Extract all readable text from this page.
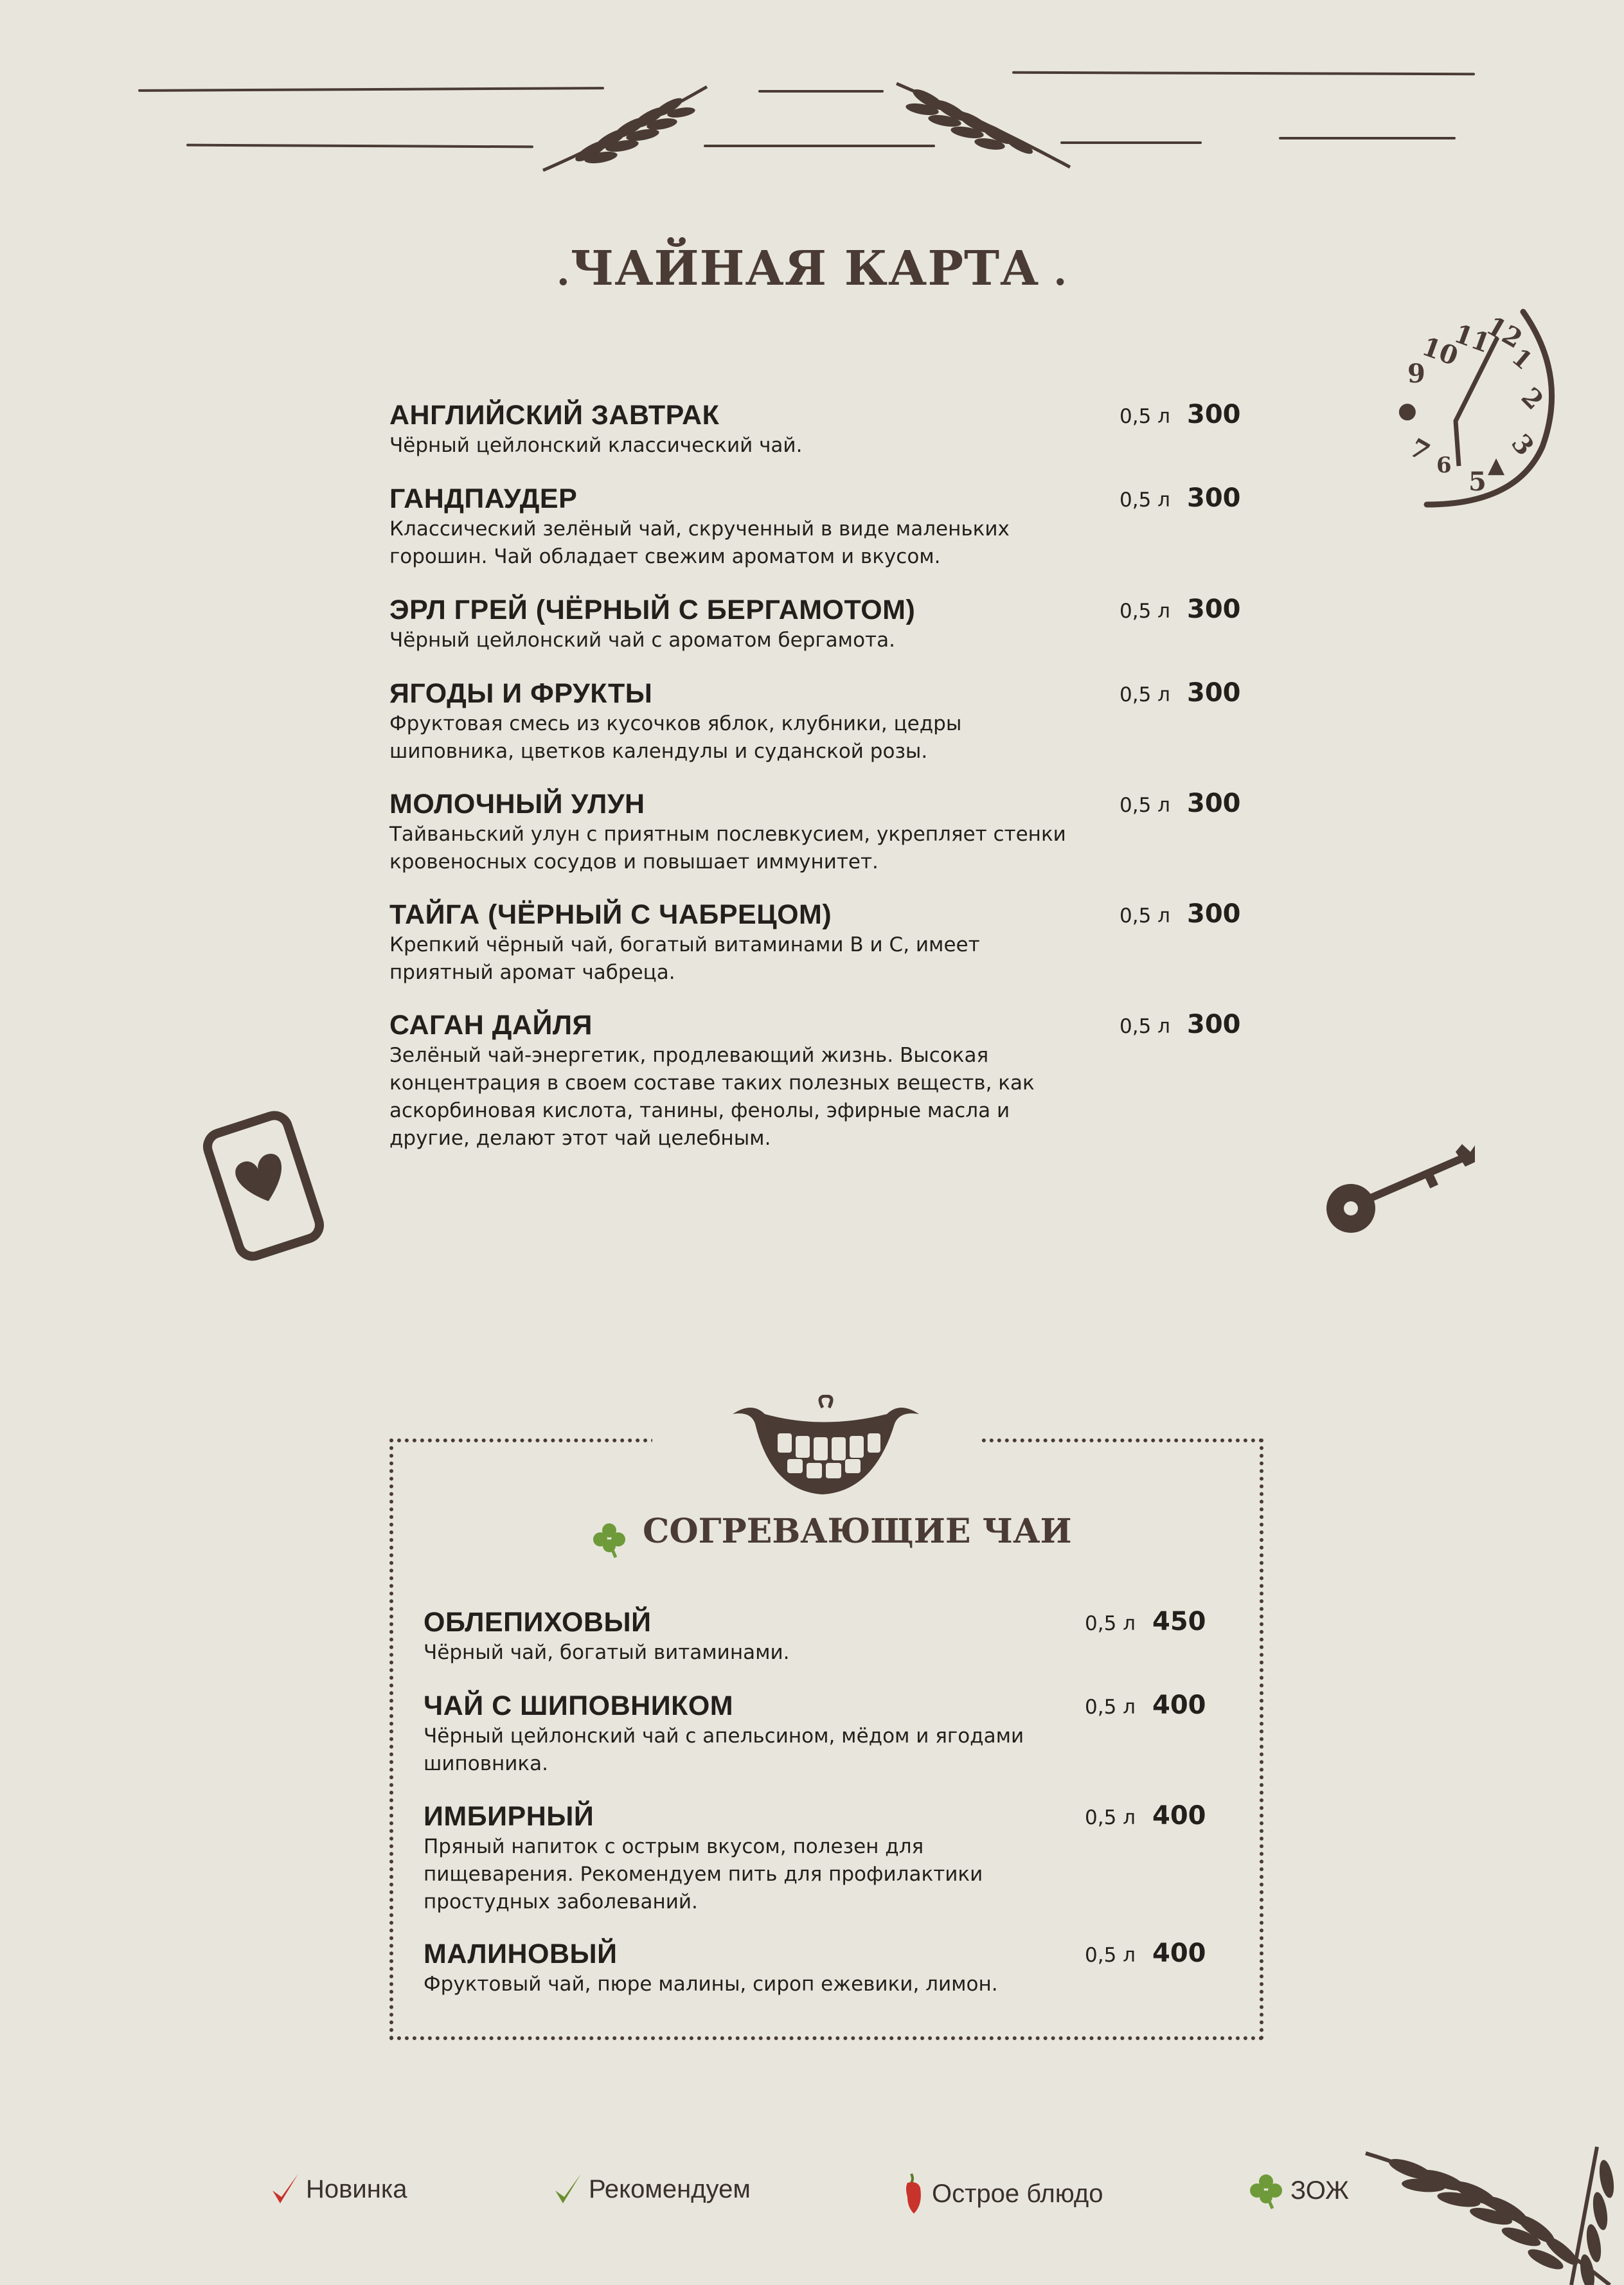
.ЧАЙНАЯ КАРТА .
11
12
1
2
3
10
9
●
7 6
5
▲
АНГЛИЙСКИЙ ЗАВТРАК
Чёрный цейлонский классический чай.
0,5 л 300
ГАНДПАУДЕР
Классический зелёный чай, скрученный в виде маленьких
горошин. Чай обладает свежим ароматом и вкусом.
0,5 л 300
ЭРЛ ГРЕЙ (ЧЁРНЫЙ С БЕРГАМОТОМ)
Чёрный цейлонский чай с ароматом бергамота.
0,5 л 300
ЯГОДЫ И ФРУКТЫ
Фруктовая смесь из кусочков яблок, клубники, цедры
шиповника, цветков календулы и суданской розы.
0,5 л 300
МОЛОЧНЫЙ УЛУН
Тайваньский улун с приятным послевкусием, укрепляет стенки
кровеносных сосудов и повышает иммунитет.
0,5 л 300
ТАЙГА (ЧЁРНЫЙ С ЧАБРЕЦОМ)
Крепкий чёрный чай, богатый витаминами В и С, имеет
приятный аромат чабреца.
0,5 л 300
САГАН ДАЙЛЯ
Зелёный чай-энергетик, продлевающий жизнь. Высокая
концентрация в своем составе таких полезных веществ, как
аскорбиновая кислота, танины, фенолы, эфирные масла и
другие, делают этот чай целебным.
0,5 л 300
СОГРЕВАЮЩИЕ ЧАИ
ОБЛЕПИХОВЫЙ
Чёрный чай, богатый витаминами.
0,5 л 450
ЧАЙ С ШИПОВНИКОМ
Чёрный цейлонский чай с апельсином, мёдом и ягодами
шиповника.
0,5 л 400
ИМБИРНЫЙ
Пряный напиток с острым вкусом, полезен для
пищеварения. Рекомендуем пить для профилактики
простудных заболеваний.
0,5 л 400
МАЛИНОВЫЙ
Фруктовый чай, пюре малины, сироп ежевики, лимон.
0,5 л 400
Новинка	Рекомендуем	Острое блюдо	ЗОЖ
